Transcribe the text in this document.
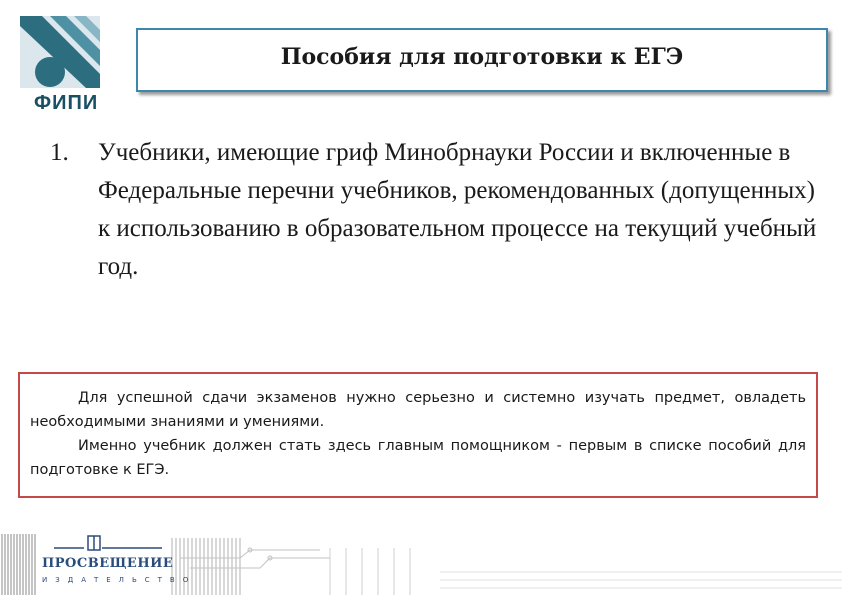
ФИПИ
Пособия для подготовки к ЕГЭ
1. Учебники, имеющие гриф Минобрнауки России и включенные в Федеральные перечни учебников, рекомендованных (допущенных) к использованию в образовательном процессе на текущий учебный год.

Для успешной сдачи экзаменов нужно серьезно и системно изучать предмет, овладеть необходимыми знаниями и умениями.

Именно учебник должен стать здесь главным помощником - первым в списке пособий для подготовке к ЕГЭ.

ПРОСВЕЩЕНИЕ
ИЗДАТЕЛЬСТВО
